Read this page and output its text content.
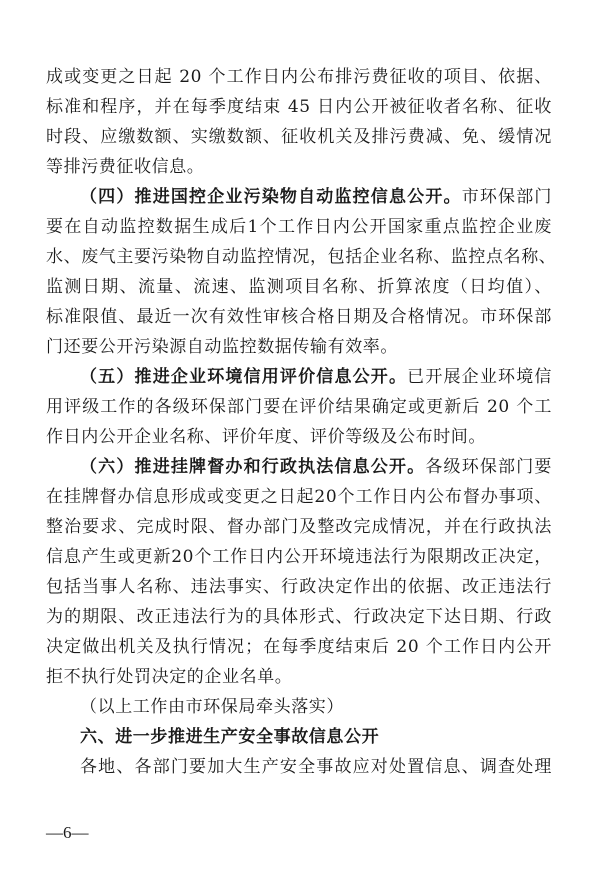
成或变更之日起 20 个工作日内公布排污费征收的项目、依据、
标准和程序，并在每季度结束 45 日内公开被征收者名称、征收
时段、应缴数额、实缴数额、征收机关及排污费减、免、缓情况
等排污费征收信息。
（四）推进国控企业污染物自动监控信息公开。市环保部门
要在自动监控数据生成后1个工作日内公开国家重点监控企业废
水、废气主要污染物自动监控情况，包括企业名称、监控点名称、
监测日期、流量、流速、监测项目名称、折算浓度（日均值）、
标准限值、最近一次有效性审核合格日期及合格情况。市环保部
门还要公开污染源自动监控数据传输有效率。
（五）推进企业环境信用评价信息公开。已开展企业环境信
用评级工作的各级环保部门要在评价结果确定或更新后 20 个工
作日内公开企业名称、评价年度、评价等级及公布时间。
（六）推进挂牌督办和行政执法信息公开。各级环保部门要
在挂牌督办信息形成或变更之日起20个工作日内公布督办事项、
整治要求、完成时限、督办部门及整改完成情况，并在行政执法
信息产生或更新20个工作日内公开环境违法行为限期改正决定，
包括当事人名称、违法事实、行政决定作出的依据、改正违法行
为的期限、改正违法行为的具体形式、行政决定下达日期、行政
决定做出机关及执行情况；在每季度结束后 20 个工作日内公开
拒不执行处罚决定的企业名单。
（以上工作由市环保局牵头落实）
六、进一步推进生产安全事故信息公开
各地、各部门要加大生产安全事故应对处置信息、调查处理
—6—
